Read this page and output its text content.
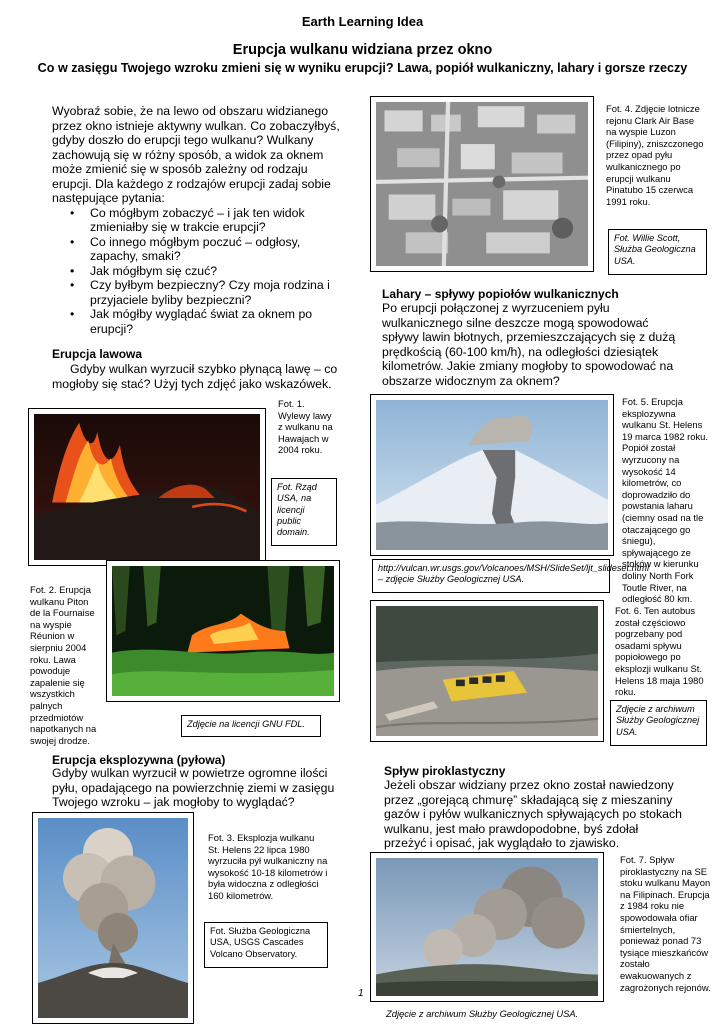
Earth Learning Idea
Erupcja wulkanu widziana przez okno
Co w zasięgu Twojego wzroku zmieni się w wyniku erupcji? Lawa, popiół wulkaniczny, lahary i gorsze rzeczy
Wyobraź sobie, że na lewo od obszaru widzianego przez okno istnieje aktywny wulkan. Co zobaczyłbyś, gdyby doszło do erupcji tego wulkanu? Wulkany zachowują się w różny sposób, a widok za oknem może zmienić się w sposób zależny od rodzaju erupcji. Dla każdego z rodzajów erupcji zadaj sobie następujące pytania:
• Co mógłbym zobaczyć – i jak ten widok zmieniałby się w trakcie erupcji?
• Co innego mógłbym poczuć – odgłosy, zapachy, smaki?
• Jak mógłbym się czuć?
• Czy byłbym bezpieczny? Czy moja rodzina i przyjaciele byliby bezpieczni?
• Jak mógłby wyglądać świat za oknem po erupcji?
Erupcja lawowa
Gdyby wulkan wyrzucił szybko płynącą lawę – co mogłoby się stać? Użyj tych zdjęć jako wskazówek.
Fot. 1. Wylewy lawy z wulkanu na Hawajach w 2004 roku.
Fot. Rząd USA, na licencji public domain.
Fot. 2. Erupcja wulkanu Piton de la Fournaise na wyspie Réunion w sierpniu 2004 roku. Lawa powoduje zapalenie się wszystkich palnych przedmiotów napotkanych na swojej drodze.
Zdjęcie na licencji GNU FDL.
Erupcja eksplozywna (pyłowa)
Gdyby wulkan wyrzucił w powietrze ogromne ilości pyłu, opadającego na powierzchnię ziemi w zasięgu Twojego wzroku – jak mogłoby to wyglądać?
Fot. 3. Eksplozja wulkanu St. Helens 22 lipca 1980 wyrzuciła pył wulkaniczny na wysokość 10-18 kilometrów i była widoczna z odległości 160 kilometrów.
Fot. Służba Geologiczna USA, USGS Cascades Volcano Observatory.
Fot. 4. Zdjęcie lotnicze rejonu Clark Air Base na wyspie Luzon (Filipiny), zniszczonego przez opad pyłu wulkanicznego po erupcji wulkanu Pinatubo 15 czerwca 1991 roku.
Fot. Willie Scott, Służba Geologiczna USA.
Lahary – spływy popiołów wulkanicznych
Po erupcji połączonej z wyrzuceniem pyłu wulkanicznego silne deszcze mogą spowodować spływy lawin błotnych, przemieszczających się z dużą prędkością (60-100 km/h), na odległości dziesiątek kilometrów. Jakie zmiany mogłoby to spowodować na obszarze widocznym za oknem?
Fot. 5. Erupcja eksplozywna wulkanu St. Helens 19 marca 1982 roku. Popiół został wyrzucony na wysokość 14 kilometrów, co doprowadziło do powstania laharu (ciemny osad na tle otaczającego go śniegu), spływającego ze stoków w kierunku doliny North Fork Toutle River, na odległość 80 km.
http://vulcan.wr.usgs.gov/Volcanoes/MSH/SlideSet/ljt_slideset.html – zdjęcie Służby Geologicznej USA.
Fot. 6. Ten autobus został częściowo pogrzebany pod osadami spływu popiołowego po eksplozji wulkanu St. Helens 18 maja 1980 roku.
Zdjęcie z archiwum Służby Geologicznej USA.
Spływ piroklastyczny
Jeżeli obszar widziany przez okno został nawiedzony przez „gorejącą chmurę” składającą się z mieszaniny gazów i pyłów wulkanicznych spływających po stokach wulkanu, jest mało prawdopodobne, byś zdołał przeżyć i opisać, jak wyglądało to zjawisko.
Fot. 7. Spływ piroklastyczny na SE stoku wulkanu Mayon na Filipinach. Erupcja z 1984 roku nie spowodowała ofiar śmiertelnych, ponieważ ponad 73 tysiące mieszkańców zostało ewakuowanych z zagrożonych rejonów.
Zdjęcie z archiwum Służby Geologicznej USA.
1
